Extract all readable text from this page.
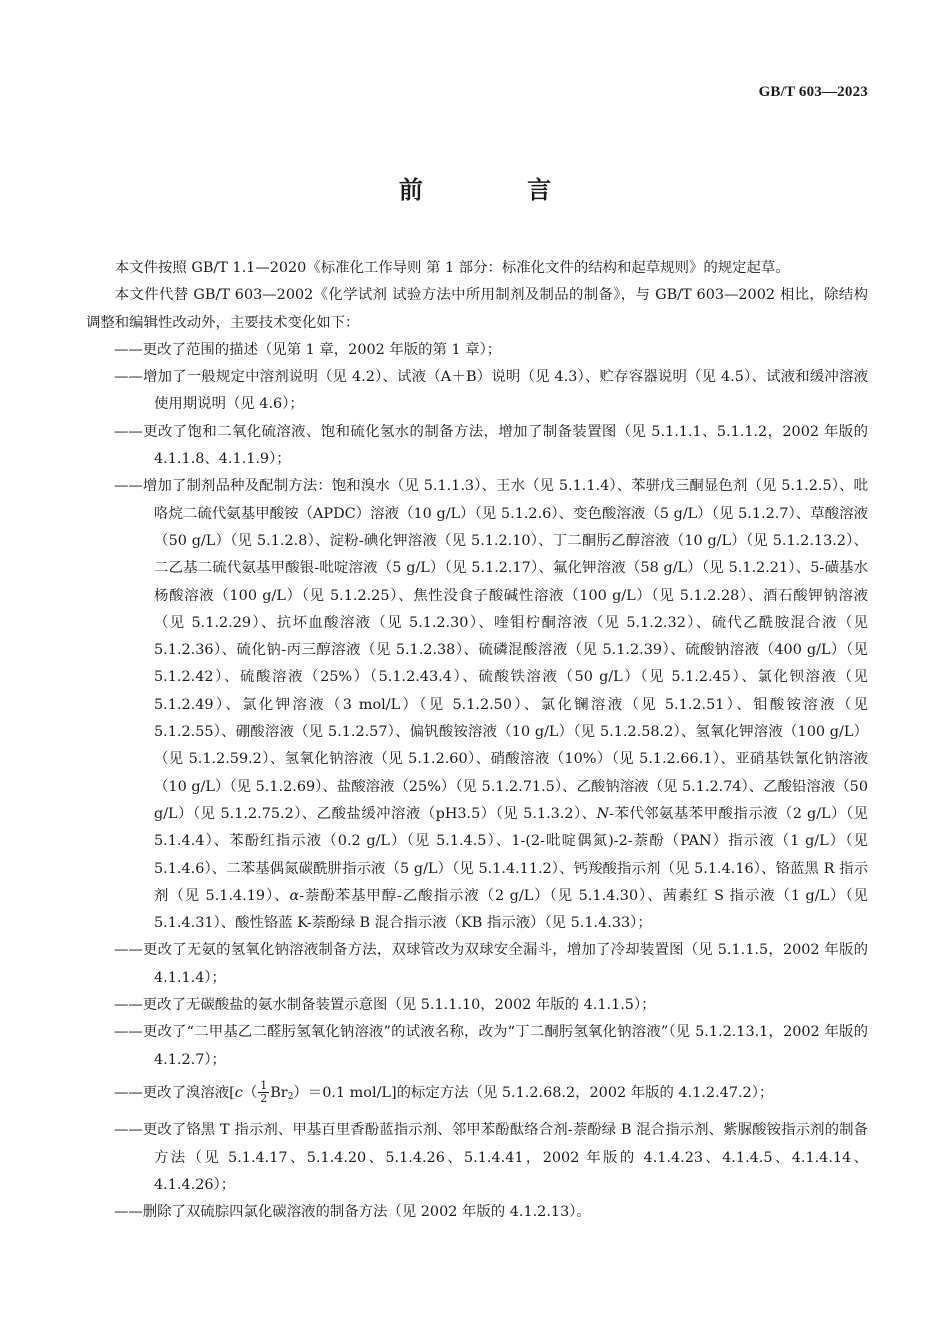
GB/T 603—2023
前 言

本文件按照 GB/T 1.1—2020《标准化工作导则 第 1 部分：标准化文件的结构和起草规则》的规定起草。

本文件代替 GB/T 603—2002《化学试剂 试验方法中所用制剂及制品的制备》，与 GB/T 603—2002 相比，除结构调整和编辑性改动外，主要技术变化如下：

——更改了范围的描述（见第 1 章，2002 年版的第 1 章）；

——增加了一般规定中溶剂说明（见 4.2）、试液（A＋B）说明（见 4.3）、贮存容器说明（见 4.5）、试液和缓冲溶液使用期说明（见 4.6）；

——更改了饱和二氧化硫溶液、饱和硫化氢水的制备方法，增加了制备装置图（见 5.1.1.1、5.1.1.2，2002 年版的 4.1.1.8、4.1.1.9）；

——增加了制剂品种及配制方法：饱和溴水（见 5.1.1.3）、王水（见 5.1.1.4）、苯骈戊三酮显色剂（见 5.1.2.5）、吡咯烷二硫代氨基甲酸铵（APDC）溶液（10 g/L）（见 5.1.2.6）、变色酸溶液（5 g/L）（见 5.1.2.7）、草酸溶液（50 g/L）（见 5.1.2.8）、淀粉-碘化钾溶液（见 5.1.2.10）、丁二酮肟乙醇溶液（10 g/L）（见 5.1.2.13.2）、二乙基二硫代氨基甲酸银-吡啶溶液（5 g/L）（见 5.1.2.17）、氟化钾溶液（58 g/L）（见 5.1.2.21）、5-磺基水杨酸溶液（100 g/L）（见 5.1.2.25）、焦性没食子酸碱性溶液（100 g/L）（见 5.1.2.28）、酒石酸钾钠溶液（见 5.1.2.29）、抗坏血酸溶液（见 5.1.2.30）、喹钼柠酮溶液（见 5.1.2.32）、硫代乙酰胺混合液（见 5.1.2.36）、硫化钠-丙三醇溶液（见 5.1.2.38）、硫磷混酸溶液（见 5.1.2.39）、硫酸钠溶液（400 g/L）（见 5.1.2.42）、硫酸溶液（25%）（5.1.2.43.4）、硫酸铁溶液（50 g/L）（见 5.1.2.45）、氯化钡溶液（见 5.1.2.49）、氯化钾溶液（3 mol/L）（见 5.1.2.50）、氯化镧溶液（见 5.1.2.51）、钼酸铵溶液（见 5.1.2.55）、硼酸溶液（见 5.1.2.57）、偏钒酸铵溶液（10 g/L）（见 5.1.2.58.2）、氢氧化钾溶液（100 g/L）（见 5.1.2.59.2）、氢氧化钠溶液（见 5.1.2.60）、硝酸溶液（10%）（见 5.1.2.66.1）、亚硝基铁氰化钠溶液（10 g/L）（见 5.1.2.69）、盐酸溶液（25%）（见 5.1.2.71.5）、乙酸钠溶液（见 5.1.2.74）、乙酸铅溶液（50 g/L）（见 5.1.2.75.2）、乙酸盐缓冲溶液（pH3.5）（见 5.1.3.2）、N-苯代邻氨基苯甲酸指示液（2 g/L）（见 5.1.4.4）、苯酚红指示液（0.2 g/L）（见 5.1.4.5）、1-(2-吡啶偶氮)-2-萘酚（PAN）指示液（1 g/L）（见 5.1.4.6）、二苯基偶氮碳酰肼指示液（5 g/L）（见 5.1.4.11.2）、钙羧酸指示剂（见 5.1.4.16）、铬蓝黑 R 指示剂（见 5.1.4.19）、α-萘酚苯基甲醇-乙酸指示液（2 g/L）（见 5.1.4.30）、茜素红 S 指示液（1 g/L）（见 5.1.4.31）、酸性铬蓝 K-萘酚绿 B 混合指示液（KB 指示液）（见 5.1.4.33）；

——更改了无氨的氢氧化钠溶液制备方法，双球管改为双球安全漏斗，增加了冷却装置图（见 5.1.1.5，2002 年版的 4.1.1.4）；

——更改了无碳酸盐的氨水制备装置示意图（见 5.1.1.10，2002 年版的 4.1.1.5）；

——更改了“二甲基乙二醛肟氢氧化钠溶液”的试液名称，改为“丁二酮肟氢氧化钠溶液”（见 5.1.2.13.1，2002 年版的 4.1.2.7）；

——更改了溴溶液[$c( \frac{1}{2} Br_2)=0.1$ mol/L]的标定方法（见 5.1.2.68.2，2002 年版的 4.1.2.47.2）；

——更改了铬黑 T 指示剂、甲基百里香酚蓝指示剂、邻甲苯酚酞络合剂-萘酚绿 B 混合指示剂、紫脲酸铵指示剂的制备方法（见 5.1.4.17、5.1.4.20、5.1.4.26、5.1.4.41，2002 年版的 4.1.4.23、4.1.4.5、4.1.4.14、4.1.4.26）；

——删除了双硫腙四氯化碳溶液的制备方法（见 2002 年版的 4.1.2.13）。
